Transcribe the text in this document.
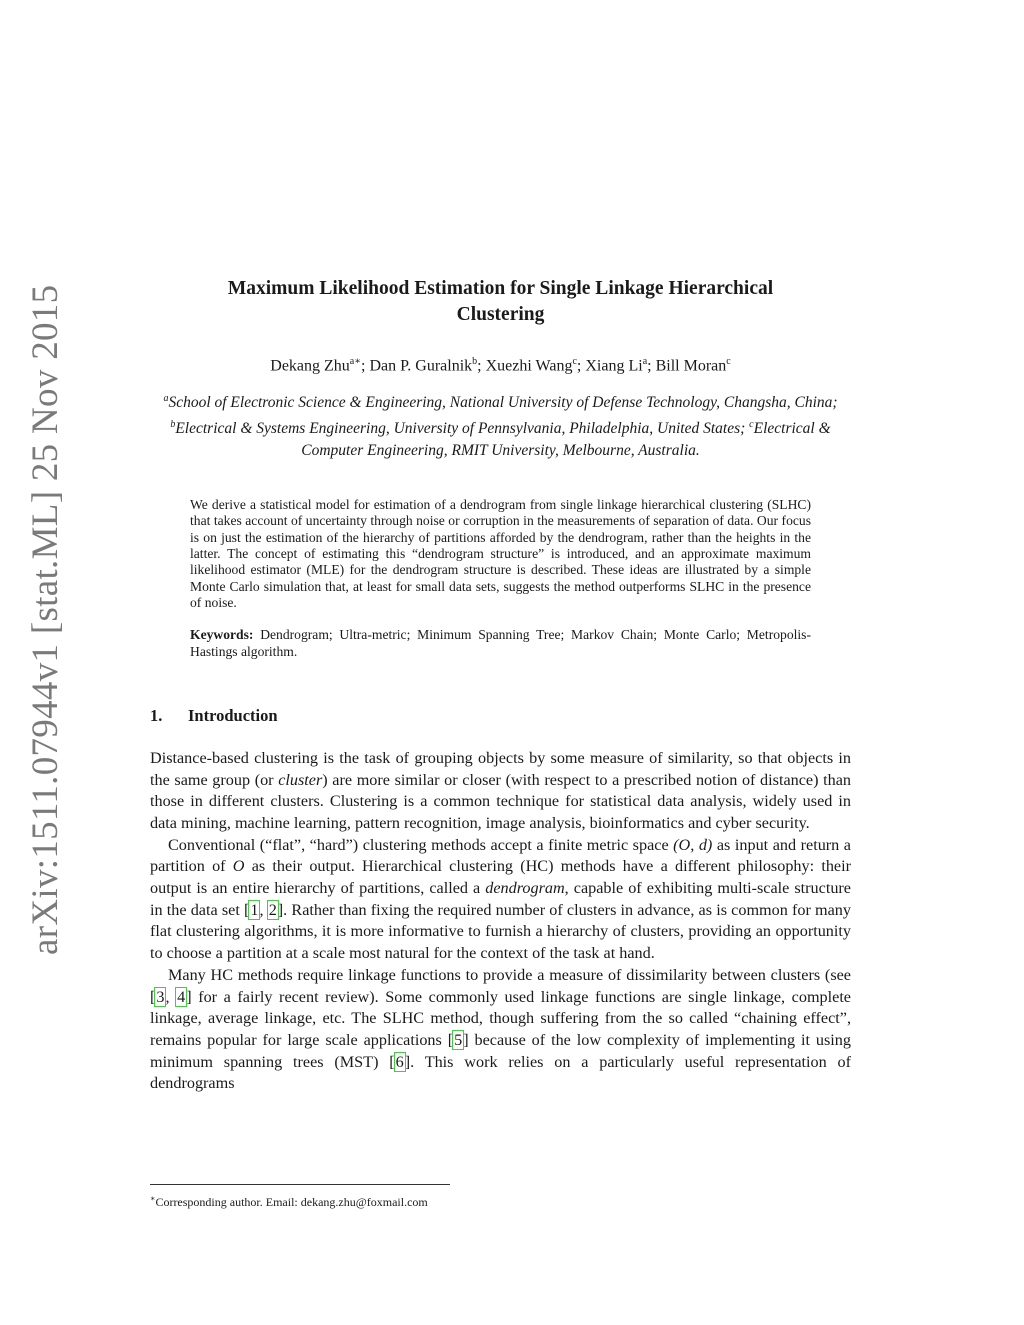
arXiv:1511.07944v1 [stat.ML] 25 Nov 2015	Maximum Likelihood Estimation for Single Linkage Hierarchical
Clustering
Dekang Zhu$^{a∗}$; Dan P. Guralnik$^b$; Xuezhi Wang$^c$; Xiang Li$^a$; Bill Moran$^c$
$^a$School of Electronic Science & Engineering, National University of Defense Technology, Changsha, China; $^b$Electrical & Systems Engineering, University of Pennsylvania, Philadelphia, United States; $^c$Electrical & Computer Engineering, RMIT University, Melbourne, Australia.
We derive a statistical model for estimation of a dendrogram from single linkage hierarchical clustering (SLHC) that takes account of uncertainty through noise or corruption in the measurements of separation of data. Our focus is on just the estimation of the hierarchy of partitions afforded by the dendrogram, rather than the heights in the latter. The concept of estimating this “dendrogram structure” is introduced, and an approximate maximum likelihood estimator (MLE) for the dendrogram structure is described. These ideas are illustrated by a simple Monte Carlo simulation that, at least for small data sets, suggests the method outperforms SLHC in the presence of noise.
Keywords: Dendrogram; Ultra-metric; Minimum Spanning Tree; Markov Chain; Monte Carlo; Metropolis-Hastings algorithm.
1. Introduction

Distance-based clustering is the task of grouping objects by some measure of similarity, so that objects in the same group (or cluster) are more similar or closer (with respect to a prescribed notion of distance) than those in different clusters. Clustering is a common technique for statistical data analysis, widely used in data mining, machine learning, pattern recognition, image analysis, bioinformatics and cyber security.

Conventional (“flat”, “hard”) clustering methods accept a finite metric space (O, d) as input and return a partition of O as their output. Hierarchical clustering (HC) methods have a different philosophy: their output is an entire hierarchy of partitions, called a dendrogram, capable of exhibiting multi-scale structure in the data set [1, 2]. Rather than fixing the required number of clusters in advance, as is common for many flat clustering algorithms, it is more informative to furnish a hierarchy of clusters, providing an opportunity to choose a partition at a scale most natural for the context of the task at hand.

Many HC methods require linkage functions to provide a measure of dissimilarity between clusters (see [3, 4] for a fairly recent review). Some commonly used linkage functions are single linkage, complete linkage, average linkage, etc. The SLHC method, though suffering from the so called “chaining effect”, remains popular for large scale applications [5] because of the low complexity of implementing it using minimum spanning trees (MST) [6]. This work relies on a particularly useful representation of dendrograms

∗Corresponding author. Email: dekang.zhu@foxmail.com
